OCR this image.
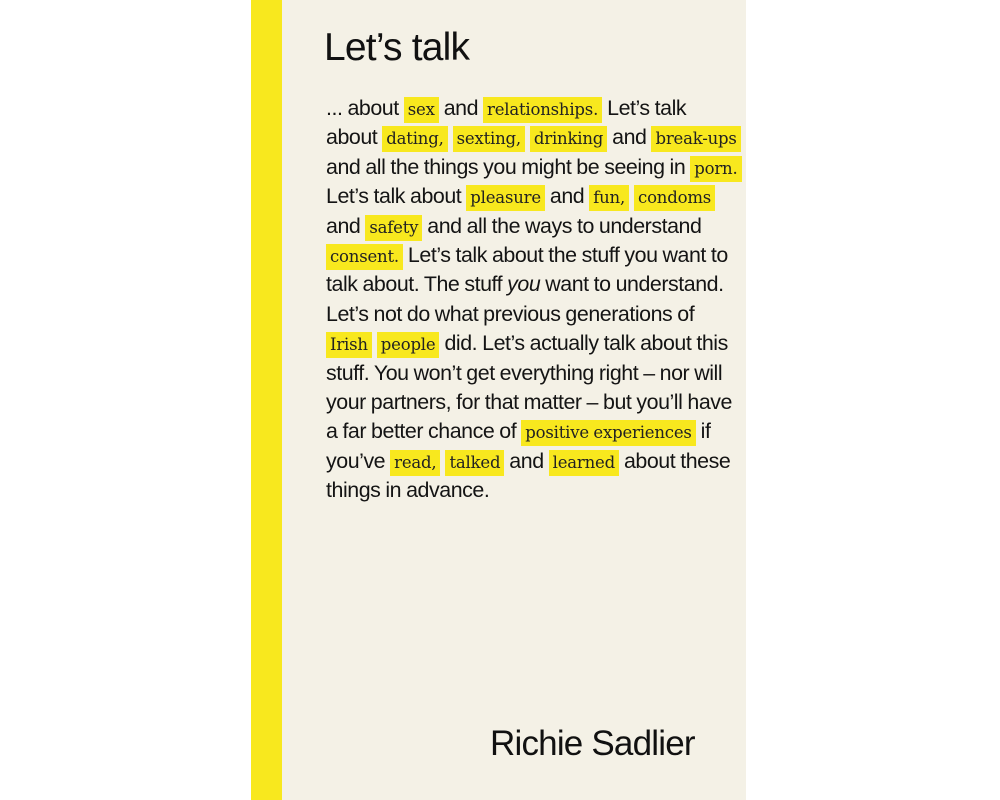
Let’s talk
... about sex and relationships. Let’s talk about dating, sexting, drinking and break-ups and all the things you might be seeing in porn. Let’s talk about pleasure and fun, condoms and safety and all the ways to understand consent. Let’s talk about the stuff you want to talk about. The stuff you want to understand. Let’s not do what previous generations of Irish people did. Let’s actually talk about this stuff. You won’t get everything right – nor will your partners, for that matter – but you’ll have a far better chance of positive experiences if you’ve read, talked and learned about these things in advance.
Richie Sadlier
